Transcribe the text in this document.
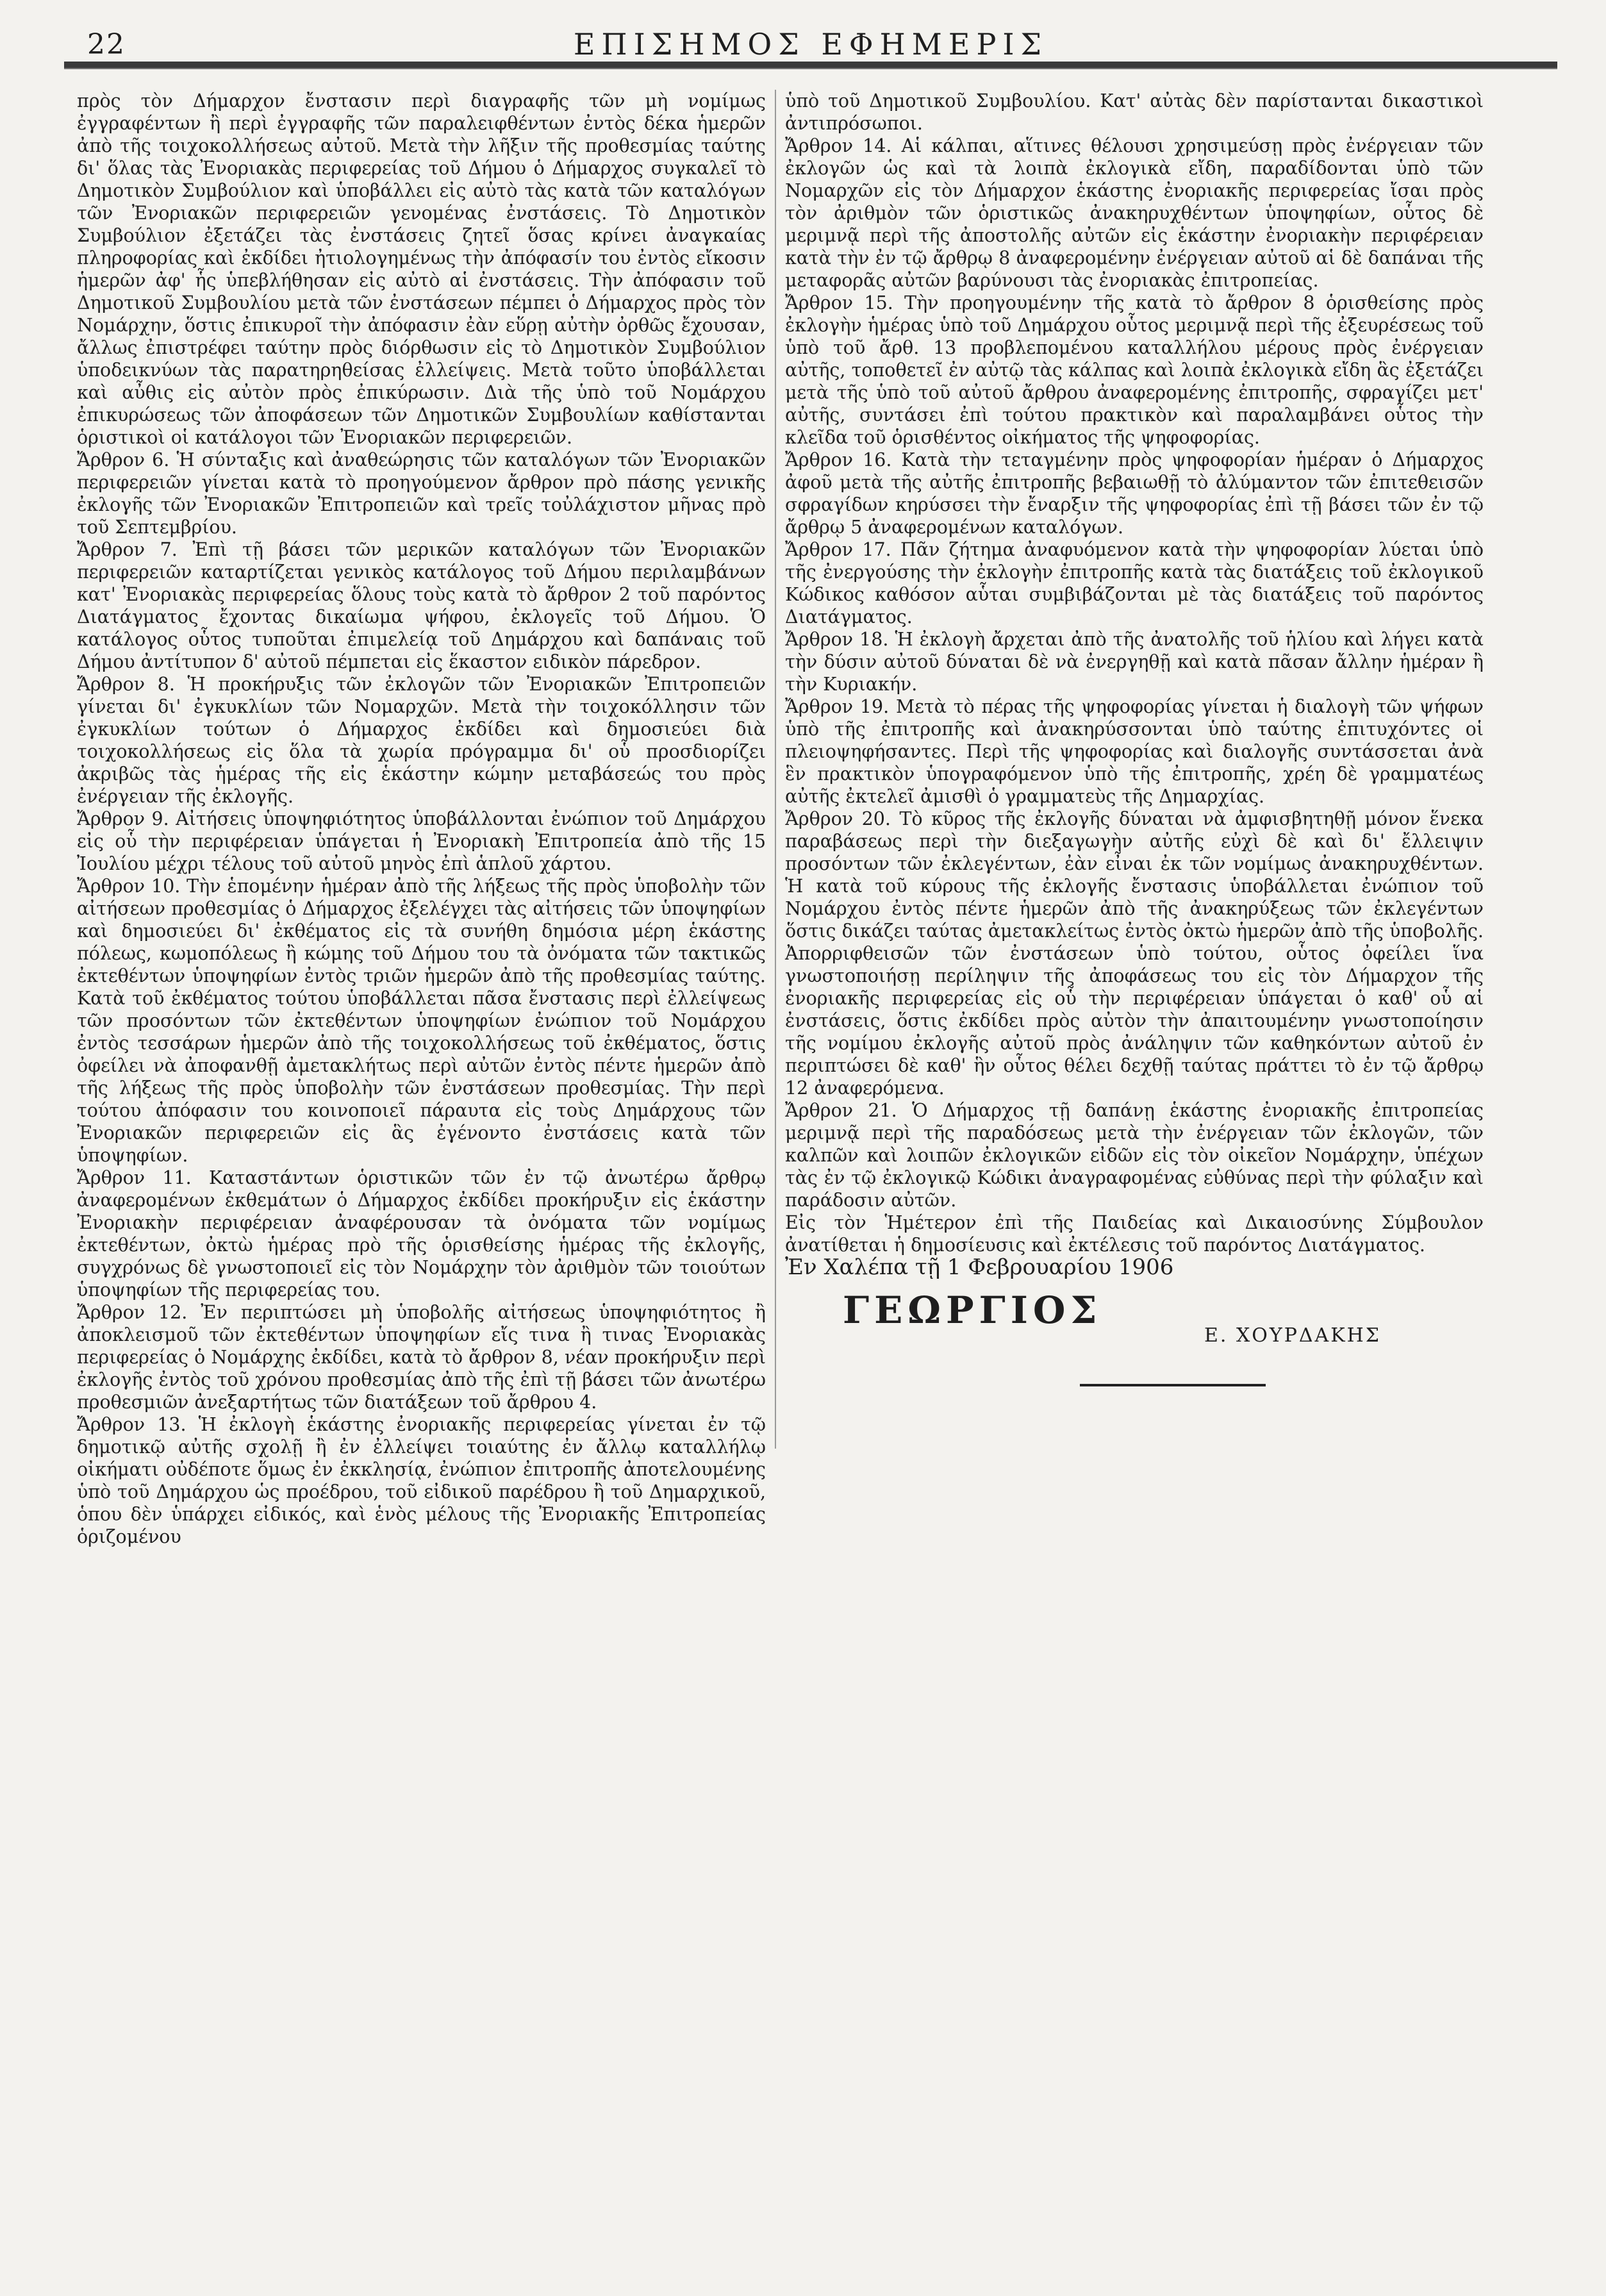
22	ΕΠΙΣΗΜΟΣ ΕΦΗΜΕΡΙΣ

πρὸς τὸν Δήμαρχον ἔνστασιν περὶ διαγραφῆς τῶν μὴ νομίμως ἐγγραφέντων ἢ περὶ ἐγγραφῆς τῶν παραλειφθέντων ἐντὸς δέκα ἡμερῶν ἀπὸ τῆς τοιχοκολλήσεως αὐτοῦ. Μετὰ τὴν λῆξιν τῆς προθεσμίας ταύτης δι' ὅλας τὰς Ἐνοριακὰς περιφερείας τοῦ Δήμου ὁ Δήμαρχος συγκαλεῖ τὸ Δημοτικὸν Συμβούλιον καὶ ὑποβάλλει εἰς αὐτὸ τὰς κατὰ τῶν καταλόγων τῶν Ἐνοριακῶν περιφερειῶν γενομένας ἐνστάσεις. Τὸ Δημοτικὸν Συμβούλιον ἐξετάζει τὰς ἐνστάσεις ζητεῖ ὅσας κρίνει ἀναγκαίας πληροφορίας καὶ ἐκδίδει ἠτιολογημένως τὴν ἀπόφασίν του ἐντὸς εἴκοσιν ἡμερῶν ἀφ' ἧς ὑπεβλήθησαν εἰς αὐτὸ αἱ ἐνστάσεις. Τὴν ἀπόφασιν τοῦ Δημοτικοῦ Συμβουλίου μετὰ τῶν ἐνστάσεων πέμπει ὁ Δήμαρχος πρὸς τὸν Νομάρχην, ὅστις ἐπικυροῖ τὴν ἀπόφασιν ἐὰν εὕρῃ αὐτὴν ὀρθῶς ἔχουσαν, ἄλλως ἐπιστρέφει ταύτην πρὸς διόρθωσιν εἰς τὸ Δημοτικὸν Συμβούλιον ὑποδεικνύων τὰς παρατηρηθείσας ἐλλείψεις. Μετὰ τοῦτο ὑποβάλλεται καὶ αὖθις εἰς αὐτὸν πρὸς ἐπικύρωσιν. Διὰ τῆς ὑπὸ τοῦ Νομάρχου ἐπικυρώσεως τῶν ἀποφάσεων τῶν Δημοτικῶν Συμβουλίων καθίστανται ὁριστικοὶ οἱ κατάλογοι τῶν Ἐνοριακῶν περιφερειῶν.

Ἄρθρον 6. Ἡ σύνταξις καὶ ἀναθεώρησις τῶν καταλόγων τῶν Ἐνοριακῶν περιφερειῶν γίνεται κατὰ τὸ προηγούμενον ἄρθρον πρὸ πάσης γενικῆς ἐκλογῆς τῶν Ἐνοριακῶν Ἐπιτροπειῶν καὶ τρεῖς τοὐλάχιστον μῆνας πρὸ τοῦ Σεπτεμβρίου.

Ἄρθρον 7. Ἐπὶ τῇ βάσει τῶν μερικῶν καταλόγων τῶν Ἐνοριακῶν περιφερειῶν καταρτίζεται γενικὸς κατάλογος τοῦ Δήμου περιλαμβάνων κατ' Ἐνοριακὰς περιφερείας ὅλους τοὺς κατὰ τὸ ἄρθρον 2 τοῦ παρόντος Διατάγματος ἔχοντας δικαίωμα ψήφου, ἐκλογεῖς τοῦ Δήμου. Ὁ κατάλογος οὗτος τυποῦται ἐπιμελείᾳ τοῦ Δημάρχου καὶ δαπάναις τοῦ Δήμου ἀντίτυπον δ' αὐτοῦ πέμπεται εἰς ἕκαστον ειδικὸν πάρεδρον.

Ἄρθρον 8. Ἡ προκήρυξις τῶν ἐκλογῶν τῶν Ἐνοριακῶν Ἐπιτροπειῶν γίνεται δι' ἐγκυκλίων τῶν Νομαρχῶν. Μετὰ τὴν τοιχοκόλλησιν τῶν ἐγκυκλίων τούτων ὁ Δήμαρχος ἐκδίδει καὶ δημοσιεύει διὰ τοιχοκολλήσεως εἰς ὅλα τὰ χωρία πρόγραμμα δι' οὗ προσδιορίζει ἀκριβῶς τὰς ἡμέρας τῆς εἰς ἑκάστην κώμην μεταβάσεώς του πρὸς ἐνέργειαν τῆς ἐκλογῆς.

Ἄρθρον 9. Αἰτήσεις ὑποψηφιότητος ὑποβάλλονται ἐνώπιον τοῦ Δημάρχου εἰς οὗ τὴν περιφέρειαν ὑπάγεται ἡ Ἐνοριακὴ Ἐπιτροπεία ἀπὸ τῆς 15 Ἰουλίου μέχρι τέλους τοῦ αὐτοῦ μηνὸς ἐπὶ ἁπλοῦ χάρτου.

Ἄρθρον 10. Τὴν ἑπομένην ἡμέραν ἀπὸ τῆς λήξεως τῆς πρὸς ὑποβολὴν τῶν αἰτήσεων προθεσμίας ὁ Δήμαρχος ἐξελέγχει τὰς αἰτήσεις τῶν ὑποψηφίων καὶ δημοσιεύει δι' ἐκθέματος εἰς τὰ συνήθη δημόσια μέρη ἑκάστης πόλεως, κωμοπόλεως ἢ κώμης τοῦ Δήμου του τὰ ὀνόματα τῶν τακτικῶς ἐκτεθέντων ὑποψηφίων ἐντὸς τριῶν ἡμερῶν ἀπὸ τῆς προθεσμίας ταύτης. Κατὰ τοῦ ἐκθέματος τούτου ὑποβάλλεται πᾶσα ἔνστασις περὶ ἐλλείψεως τῶν προσόντων τῶν ἐκτεθέντων ὑποψηφίων ἐνώπιον τοῦ Νομάρχου ἐντὸς τεσσάρων ἡμερῶν ἀπὸ τῆς τοιχοκολλήσεως τοῦ ἐκθέματος, ὅστις ὀφείλει νὰ ἀποφανθῇ ἀμετακλήτως περὶ αὐτῶν ἐντὸς πέντε ἡμερῶν ἀπὸ τῆς λήξεως τῆς πρὸς ὑποβολὴν τῶν ἐνστάσεων προθεσμίας. Τὴν περὶ τούτου ἀπόφασιν του κοινοποιεῖ πάραυτα εἰς τοὺς Δημάρχους τῶν Ἐνοριακῶν περιφερειῶν εἰς ἃς ἐγένοντο ἐνστάσεις κατὰ τῶν ὑποψηφίων.

Ἄρθρον 11. Καταστάντων ὁριστικῶν τῶν ἐν τῷ ἀνωτέρω ἄρθρῳ ἀναφερομένων ἐκθεμάτων ὁ Δήμαρχος ἐκδίδει προκήρυξιν εἰς ἑκάστην Ἐνοριακὴν περιφέρειαν ἀναφέρουσαν τὰ ὀνόματα τῶν νομίμως ἐκτεθέντων, ὀκτὼ ἡμέρας πρὸ τῆς ὁρισθείσης ἡμέρας τῆς ἐκλογῆς, συγχρόνως δὲ γνωστοποιεῖ εἰς τὸν Νομάρχην τὸν ἀριθμὸν τῶν τοιούτων ὑποψηφίων τῆς περιφερείας του.

Ἄρθρον 12. Ἐν περιπτώσει μὴ ὑποβολῆς αἰτήσεως ὑποψηφιότητος ἢ ἀποκλεισμοῦ τῶν ἐκτεθέντων ὑποψηφίων εἴς τινα ἢ τινας Ἐνοριακὰς περιφερείας ὁ Νομάρχης ἐκδίδει, κατὰ τὸ ἄρθρον 8, νέαν προκήρυξιν περὶ ἐκλογῆς ἐντὸς τοῦ χρόνου προθεσμίας ἀπὸ τῆς ἐπὶ τῇ βάσει τῶν ἀνωτέρω προθεσμιῶν ἀνεξαρτήτως τῶν διατάξεων τοῦ ἄρθρου 4.

Ἄρθρον 13. Ἡ ἐκλογὴ ἑκάστης ἐνοριακῆς περιφερείας γίνεται ἐν τῷ δημοτικῷ αὐτῆς σχολῇ ἢ ἐν ἐλλείψει τοιαύτης ἐν ἄλλῳ καταλλήλῳ οἰκήματι οὐδέποτε ὅμως ἐν ἐκκλησίᾳ, ἐνώπιον ἐπιτροπῆς ἀποτελουμένης ὑπὸ τοῦ Δημάρχου ὡς προέδρου, τοῦ εἰδικοῦ παρέδρου ἢ τοῦ Δημαρχικοῦ, ὁπου δὲν ὑπάρχει εἰδικός, καὶ ἑνὸς μέλους τῆς Ἐνοριακῆς Ἐπιτροπείας ὁριζομένου

ὑπὸ τοῦ Δημοτικοῦ Συμβουλίου. Κατ' αὐτὰς δὲν παρίστανται δικαστικοὶ ἀντιπρόσωποι.

Ἄρθρον 14. Αἱ κάλπαι, αἵτινες θέλουσι χρησιμεύσῃ πρὸς ἐνέργειαν τῶν ἐκλογῶν ὡς καὶ τὰ λοιπὰ ἐκλογικὰ εἴδη, παραδίδονται ὑπὸ τῶν Νομαρχῶν εἰς τὸν Δήμαρχον ἑκάστης ἐνοριακῆς περιφερείας ἴσαι πρὸς τὸν ἀριθμὸν τῶν ὁριστικῶς ἀνακηρυχθέντων ὑποψηφίων, οὗτος δὲ μεριμνᾷ περὶ τῆς ἀποστολῆς αὐτῶν εἰς ἑκάστην ἐνοριακὴν περιφέρειαν κατὰ τὴν ἐν τῷ ἄρθρῳ 8 ἀναφερομένην ἐνέργειαν αὐτοῦ αἱ δὲ δαπάναι τῆς μεταφορᾶς αὐτῶν βαρύνουσι τὰς ἐνοριακὰς ἐπιτροπείας.

Ἄρθρον 15. Τὴν προηγουμένην τῆς κατὰ τὸ ἄρθρον 8 ὁρισθείσης πρὸς ἐκλογὴν ἡμέρας ὑπὸ τοῦ Δημάρχου οὗτος μεριμνᾷ περὶ τῆς ἐξευρέσεως τοῦ ὑπὸ τοῦ ἄρθ. 13 προβλεπομένου καταλλήλου μέρους πρὸς ἐνέργειαν αὐτῆς, τοποθετεῖ ἐν αὐτῷ τὰς κάλπας καὶ λοιπὰ ἐκλογικὰ εἴδη ἃς ἐξετάζει μετὰ τῆς ὑπὸ τοῦ αὐτοῦ ἄρθρου ἀναφερομένης ἐπιτροπῆς, σφραγίζει μετ' αὐτῆς, συντάσει ἐπὶ τούτου πρακτικὸν καὶ παραλαμβάνει οὗτος τὴν κλεῖδα τοῦ ὁρισθέντος οἰκήματος τῆς ψηφοφορίας.

Ἄρθρον 16. Κατὰ τὴν τεταγμένην πρὸς ψηφοφορίαν ἡμέραν ὁ Δήμαρχος ἀφοῦ μετὰ τῆς αὐτῆς ἐπιτροπῆς βεβαιωθῇ τὸ ἀλύμαντον τῶν ἐπιτεθεισῶν σφραγίδων κηρύσσει τὴν ἔναρξιν τῆς ψηφοφορίας ἐπὶ τῇ βάσει τῶν ἐν τῷ ἄρθρῳ 5 ἀναφερομένων καταλόγων.

Ἄρθρον 17. Πᾶν ζήτημα ἀναφυόμενον κατὰ τὴν ψηφοφορίαν λύεται ὑπὸ τῆς ἐνεργούσης τὴν ἐκλογὴν ἐπιτροπῆς κατὰ τὰς διατάξεις τοῦ ἐκλογικοῦ Κώδικος καθόσον αὗται συμβιβάζονται μὲ τὰς διατάξεις τοῦ παρόντος Διατάγματος.

Ἄρθρον 18. Ἡ ἐκλογὴ ἄρχεται ἀπὸ τῆς ἀνατολῆς τοῦ ἡλίου καὶ λήγει κατὰ τὴν δύσιν αὐτοῦ δύναται δὲ νὰ ἐνεργηθῇ καὶ κατὰ πᾶσαν ἄλλην ἡμέραν ἢ τὴν Κυριακήν.

Ἄρθρον 19. Μετὰ τὸ πέρας τῆς ψηφοφορίας γίνεται ἡ διαλογὴ τῶν ψήφων ὑπὸ τῆς ἐπιτροπῆς καὶ ἀνακηρύσσονται ὑπὸ ταύτης ἐπιτυχόντες οἱ πλειοψηφήσαντες. Περὶ τῆς ψηφοφορίας καὶ διαλογῆς συντάσσεται ἀνὰ ἓν πρακτικὸν ὑπογραφόμενον ὑπὸ τῆς ἐπιτροπῆς, χρέη δὲ γραμματέως αὐτῆς ἐκτελεῖ ἀμισθὶ ὁ γραμματεὺς τῆς Δημαρχίας.

Ἄρθρον 20. Τὸ κῦρος τῆς ἐκλογῆς δύναται νὰ ἀμφισβητηθῇ μόνον ἕνεκα παραβάσεως περὶ τὴν διεξαγωγὴν αὐτῆς εὐχὶ δὲ καὶ δι' ἔλλειψιν προσόντων τῶν ἐκλεγέντων, ἐὰν εἶναι ἐκ τῶν νομίμως ἀνακηρυχθέντων. Ἡ κατὰ τοῦ κύρους τῆς ἐκλογῆς ἔνστασις ὑποβάλλεται ἐνώπιον τοῦ Νομάρχου ἐντὸς πέντε ἡμερῶν ἀπὸ τῆς ἀνακηρύξεως τῶν ἐκλεγέντων ὅστις δικάζει ταύτας ἀμετακλείτως ἐντὸς ὀκτὼ ἡμερῶν ἀπὸ τῆς ὑποβολῆς. Ἀπορριφθεισῶν τῶν ἐνστάσεων ὑπὸ τούτου, οὗτος ὀφείλει ἵνα γνωστοποιήσῃ περίληψιν τῆς ἀποφάσεως του εἰς τὸν Δήμαρχον τῆς ἐνοριακῆς περιφερείας εἰς οὗ τὴν περιφέρειαν ὑπάγεται ὁ καθ' οὗ αἱ ἐνστάσεις, ὅστις ἐκδίδει πρὸς αὐτὸν τὴν ἀπαιτουμένην γνωστοποίησιν τῆς νομίμου ἐκλογῆς αὐτοῦ πρὸς ἀνάληψιν τῶν καθηκόντων αὐτοῦ ἐν περιπτώσει δὲ καθ' ἣν οὗτος θέλει δεχθῇ ταύτας πράττει τὸ ἐν τῷ ἄρθρῳ 12 ἀναφερόμενα.

Ἄρθρον 21. Ὁ Δήμαρχος τῇ δαπάνῃ ἑκάστης ἐνοριακῆς ἐπιτροπείας μεριμνᾷ περὶ τῆς παραδόσεως μετὰ τὴν ἐνέργειαν τῶν ἐκλογῶν, τῶν καλπῶν καὶ λοιπῶν ἐκλογικῶν εἰδῶν εἰς τὸν οἰκεῖον Νομάρχην, ὑπέχων τὰς ἐν τῷ ἐκλογικῷ Κώδικι ἀναγραφομένας εὐθύνας περὶ τὴν φύλαξιν καὶ παράδοσιν αὐτῶν.

Εἰς τὸν Ἡμέτερον ἐπὶ τῆς Παιδείας καὶ Δικαιοσύνης Σύμβουλον ἀνατίθεται ἡ δημοσίευσις καὶ ἐκτέλεσις τοῦ παρόντος Διατάγματος.

Ἐν Χαλέπα τῇ 1 Φεβρουαρίου 1906

ΓΕΩΡΓΙΟΣ
Ε. ΧΟΥΡΔΑΚΗΣ
